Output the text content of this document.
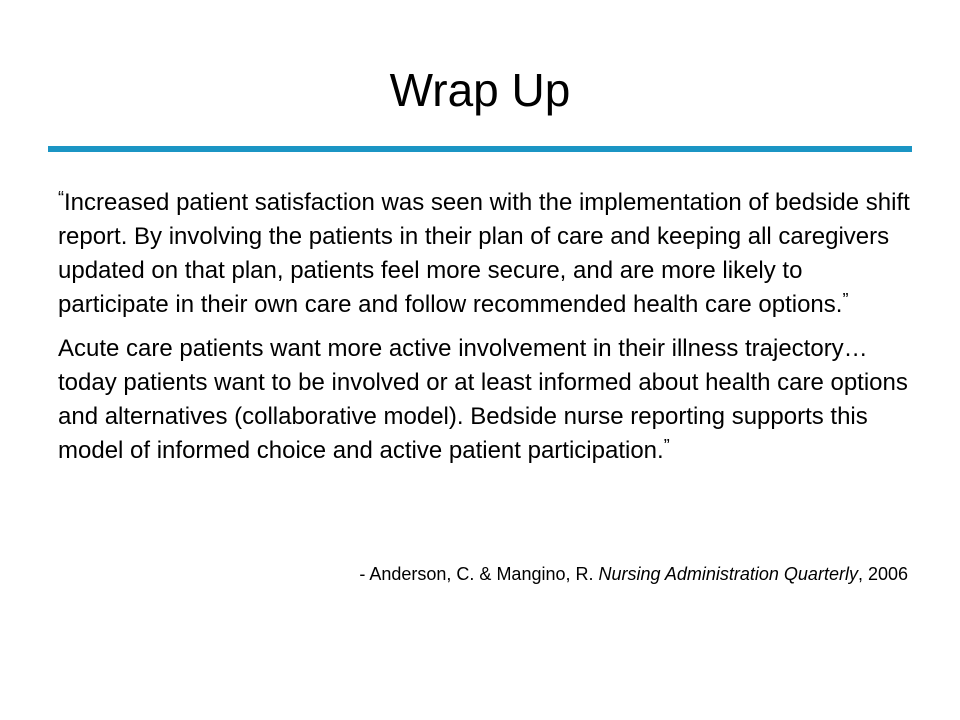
Wrap Up

“Increased patient satisfaction was seen with the implementation of bedside shift report. By involving the patients in their plan of care and keeping all caregivers updated on that plan, patients feel more secure, and are more likely to participate in their own care and follow recommended health care options.”

Acute care patients want more active involvement in their illness trajectory…today patients want to be involved or at least informed about health care options and alternatives (collaborative model). Bedside nurse reporting supports this model of informed choice and active patient participation.”

- Anderson, C. & Mangino, R. Nursing Administration Quarterly, 2006
